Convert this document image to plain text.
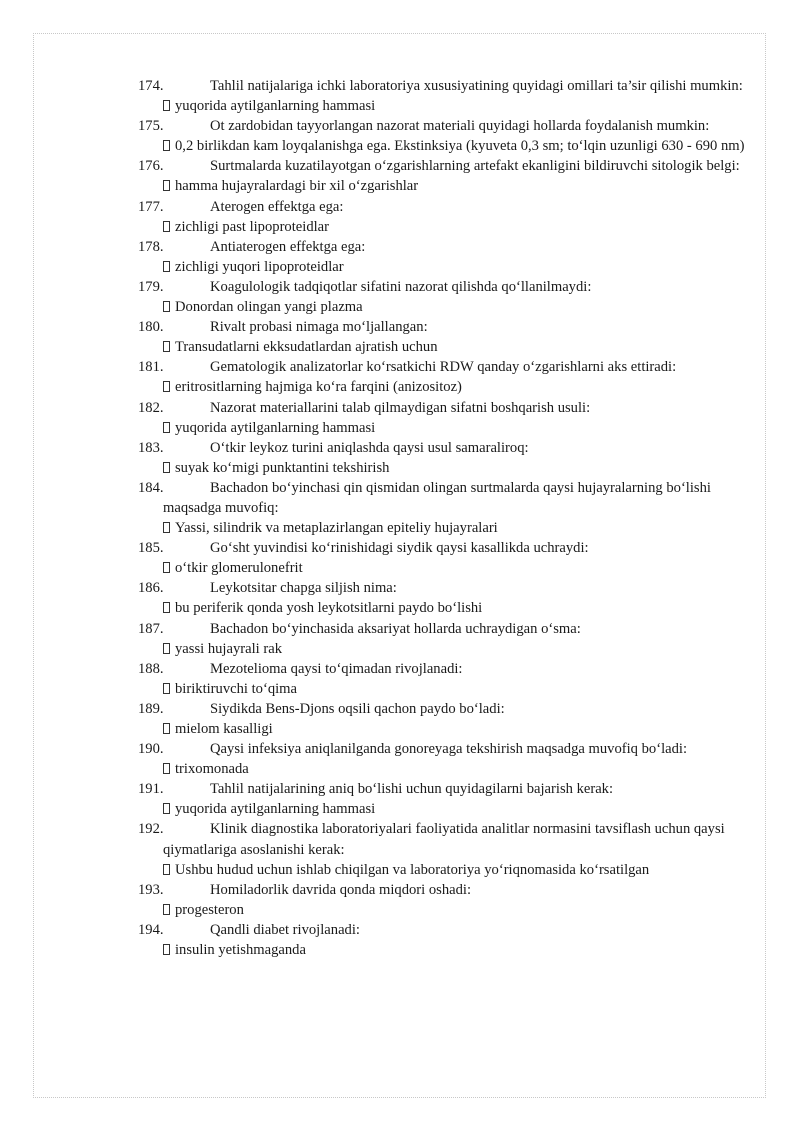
174.	Tahlil natijalariga ichki laboratoriya xususiyatining quyidagi omillari ta’sir qilishi mumkin:
yuqorida aytilganlarning hammasi
175.	Ot zardobidan tayyorlangan nazorat materiali quyidagi hollarda foydalanish mumkin:
0,2 birlikdan kam loyqalanishga ega. Ekstinksiya (kyuveta 0,3 sm; to‘lqin uzunligi 630 - 690 nm)
176.	Surtmalarda kuzatilayotgan o‘zgarishlarning artefakt ekanligini bildiruvchi sitologik belgi:
hamma hujayralardagi bir xil o‘zgarishlar
177.	Aterogen effektga ega:
zichligi past lipoproteidlar
178.	Antiaterogen effektga ega:
zichligi yuqori lipoproteidlar
179.	Koagulologik tadqiqotlar sifatini nazorat qilishda qo‘llanilmaydi:
Donordan olingan yangi plazma
180.	Rivalt probasi nimaga mo‘ljallangan:
Transudatlarni ekksudatlardan ajratish uchun
181.	Gematologik analizatorlar ko‘rsatkichi RDW qanday o‘zgarishlarni aks ettiradi:
eritrositlarning hajmiga ko‘ra farqini (anizositoz)
182.	Nazorat materiallarini talab qilmaydigan sifatni boshqarish usuli:
yuqorida aytilganlarning hammasi
183.	O‘tkir leykoz turini aniqlashda qaysi usul samaraliroq:
suyak ko‘migi punktantini tekshirish
184.	Bachadon bo‘yinchasi qin qismidan olingan surtmalarda qaysi hujayralarning bo‘lishi maqsadga muvofiq:
Yassi, silindrik va metaplazirlangan epiteliy hujayralari
185.	Go‘sht yuvindisi ko‘rinishidagi siydik qaysi kasallikda uchraydi:
o‘tkir glomerulonefrit
186.	Leykotsitar chapga siljish nima:
bu periferik qonda yosh leykotsitlarni paydo bo‘lishi
187.	Bachadon bo‘yinchasida aksariyat hollarda uchraydigan o‘sma:
yassi hujayrali rak
188.	Mezotelioma qaysi to‘qimadan rivojlanadi:
biriktiruvchi to‘qima
189.	Siydikda Bens-Djons oqsili qachon paydo bo‘ladi:
mielom kasalligi
190.	Qaysi infeksiya aniqlanilganda gonoreyaga tekshirish maqsadga muvofiq bo‘ladi:
trixomonada
191.	Tahlil natijalarining aniq bo‘lishi uchun quyidagilarni bajarish kerak:
yuqorida aytilganlarning hammasi
192.	Klinik diagnostika laboratoriyalari faoliyatida analitlar normasini tavsiflash uchun qaysi qiymatlariga asoslanishi kerak:
Ushbu hudud uchun ishlab chiqilgan va laboratoriya yo‘riqnomasida ko‘rsatilgan
193.	Homiladorlik davrida qonda miqdori oshadi:
progesteron
194.	Qandli diabet rivojlanadi:
insulin yetishmaganda
